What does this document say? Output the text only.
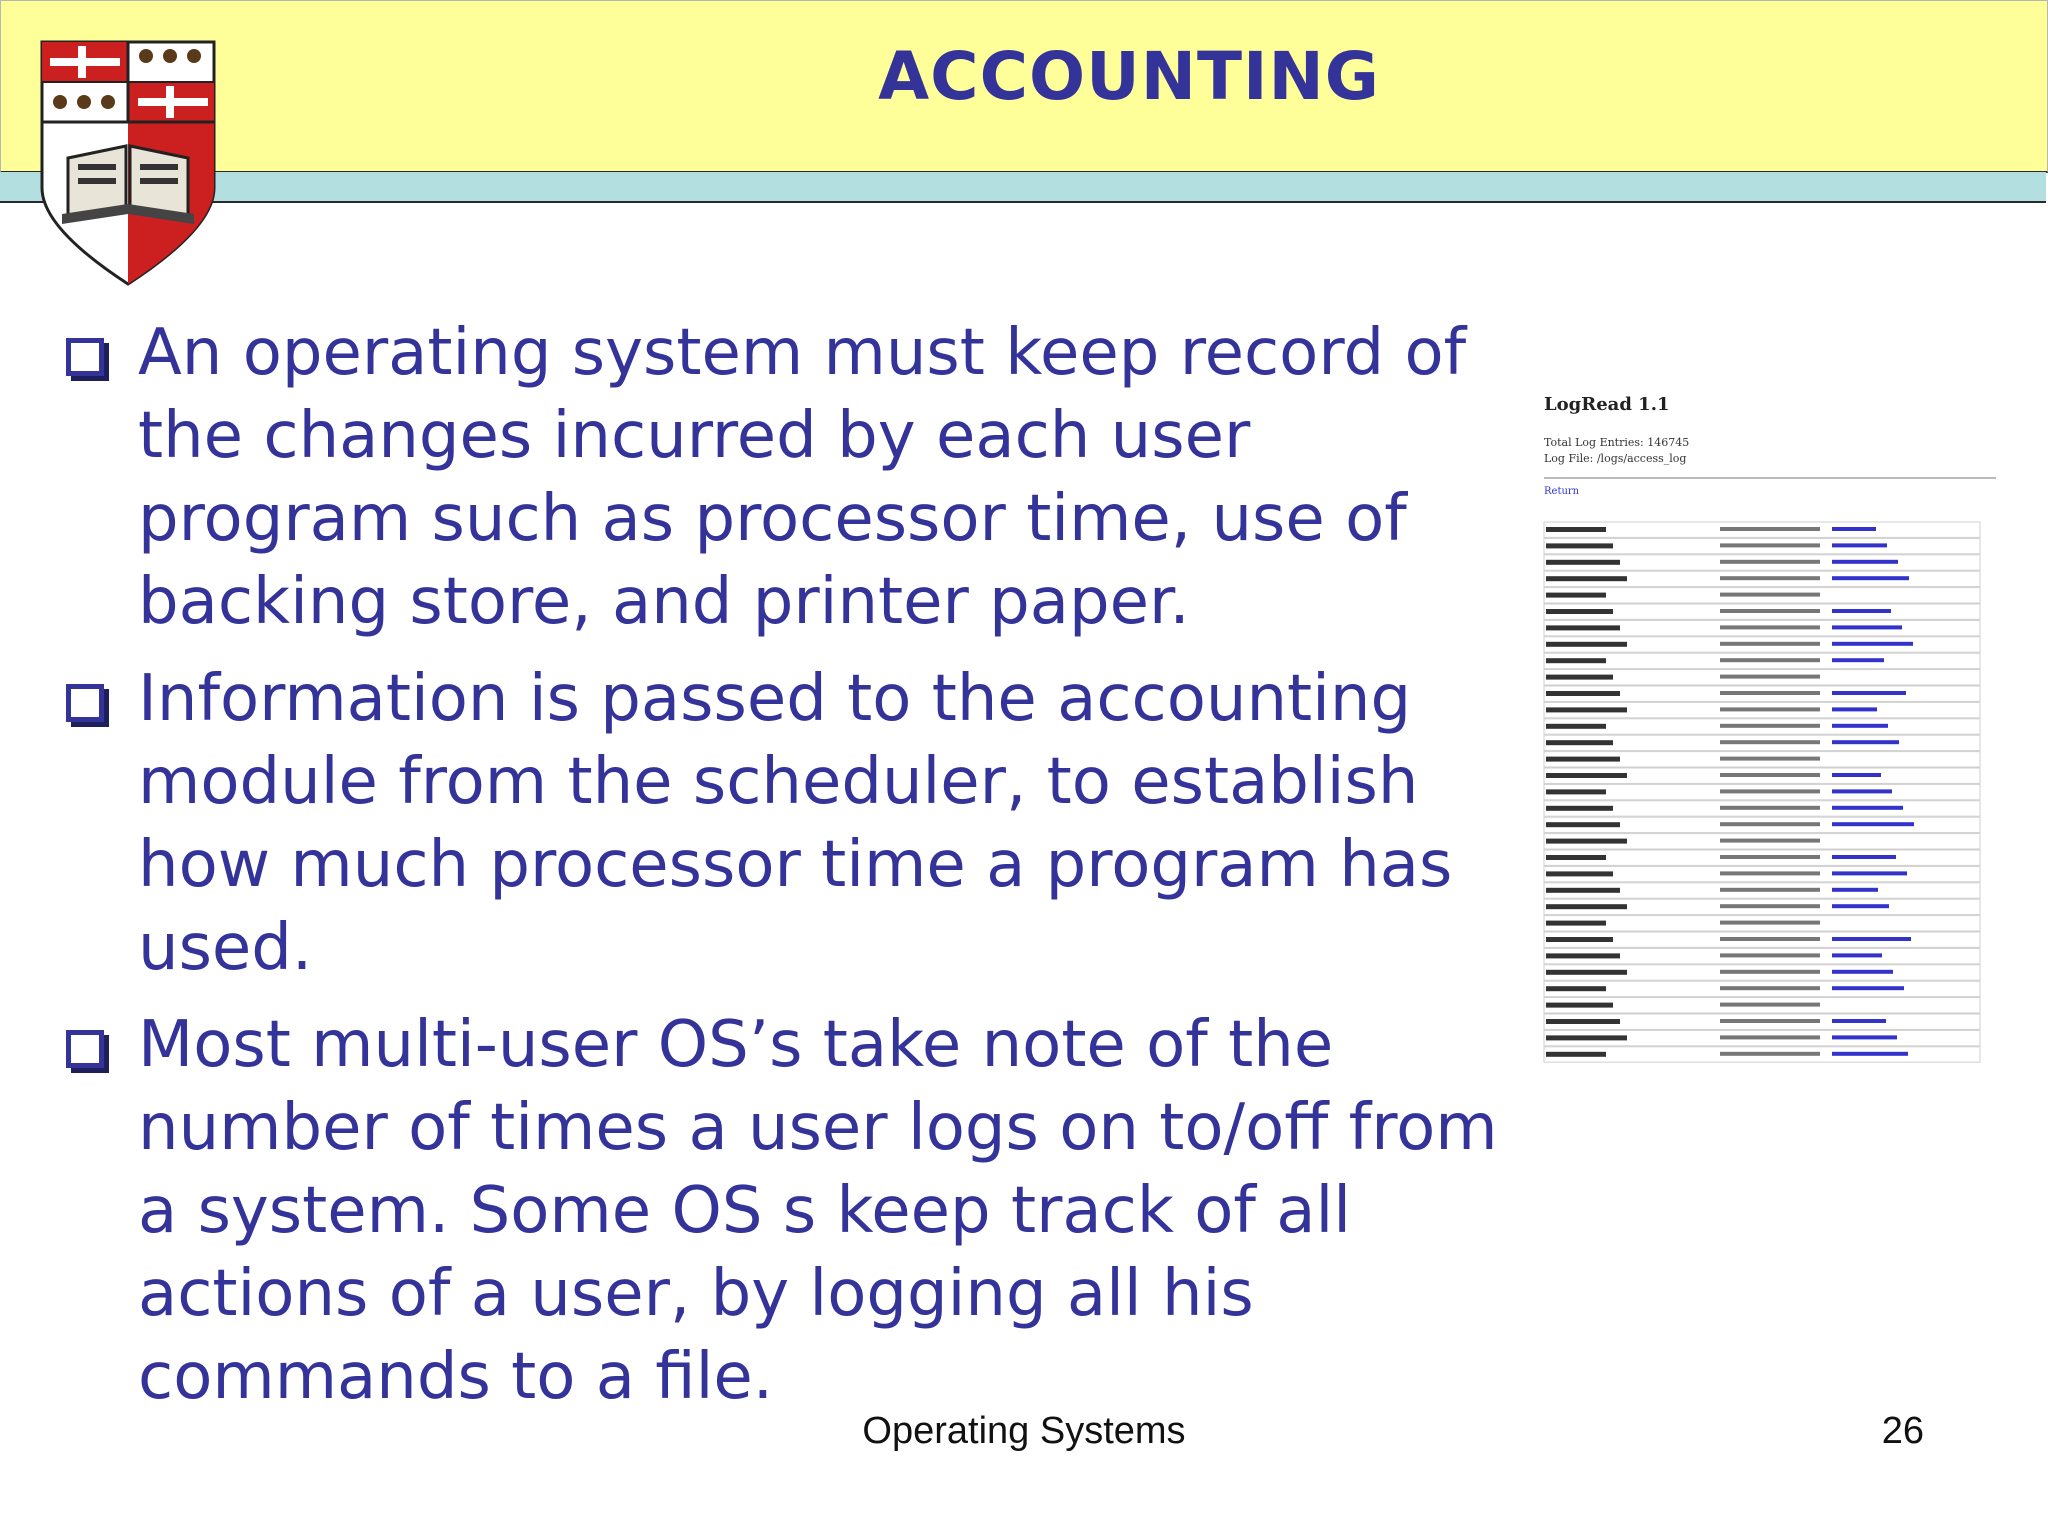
ACCOUNTING
An operating system must keep record of the changes incurred by each user program such as processor time, use of backing store, and printer paper.
Information is passed to the accounting module from the scheduler, to establish how much processor time a program has used.
Most multi-user OS’s take note of the number of times a user logs on to/off from a system. Some OS s keep track of all actions of a user, by logging all his commands to a file.
LogRead 1.1
Total Log Entries: 146745
Log File: /logs/access_log
Return
Operating Systems	26
